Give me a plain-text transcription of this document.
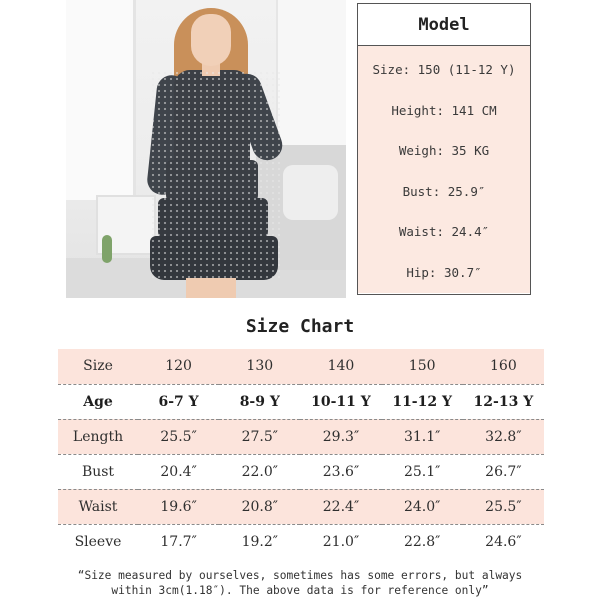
Model
Size: 150 (11-12 Y)
Height: 141 CM
Weigh: 35 KG
Bust: 25.9″
Waist: 24.4″
Hip: 30.7″
Size Chart
Size	120	130	140	150	160
Age	6-7 Y	8-9 Y	10-11 Y	11-12 Y	12-13 Y
Length	25.5″	27.5″	29.3″	31.1″	32.8″
Bust	20.4″	22.0″	23.6″	25.1″	26.7″
Waist	19.6″	20.8″	22.4″	24.0″	25.5″
Sleeve	17.7″	19.2″	21.0″	22.8″	24.6″
“Size measured by ourselves, sometimes has some errors, but always
within 3cm(1.18″). The above data is for reference only”
